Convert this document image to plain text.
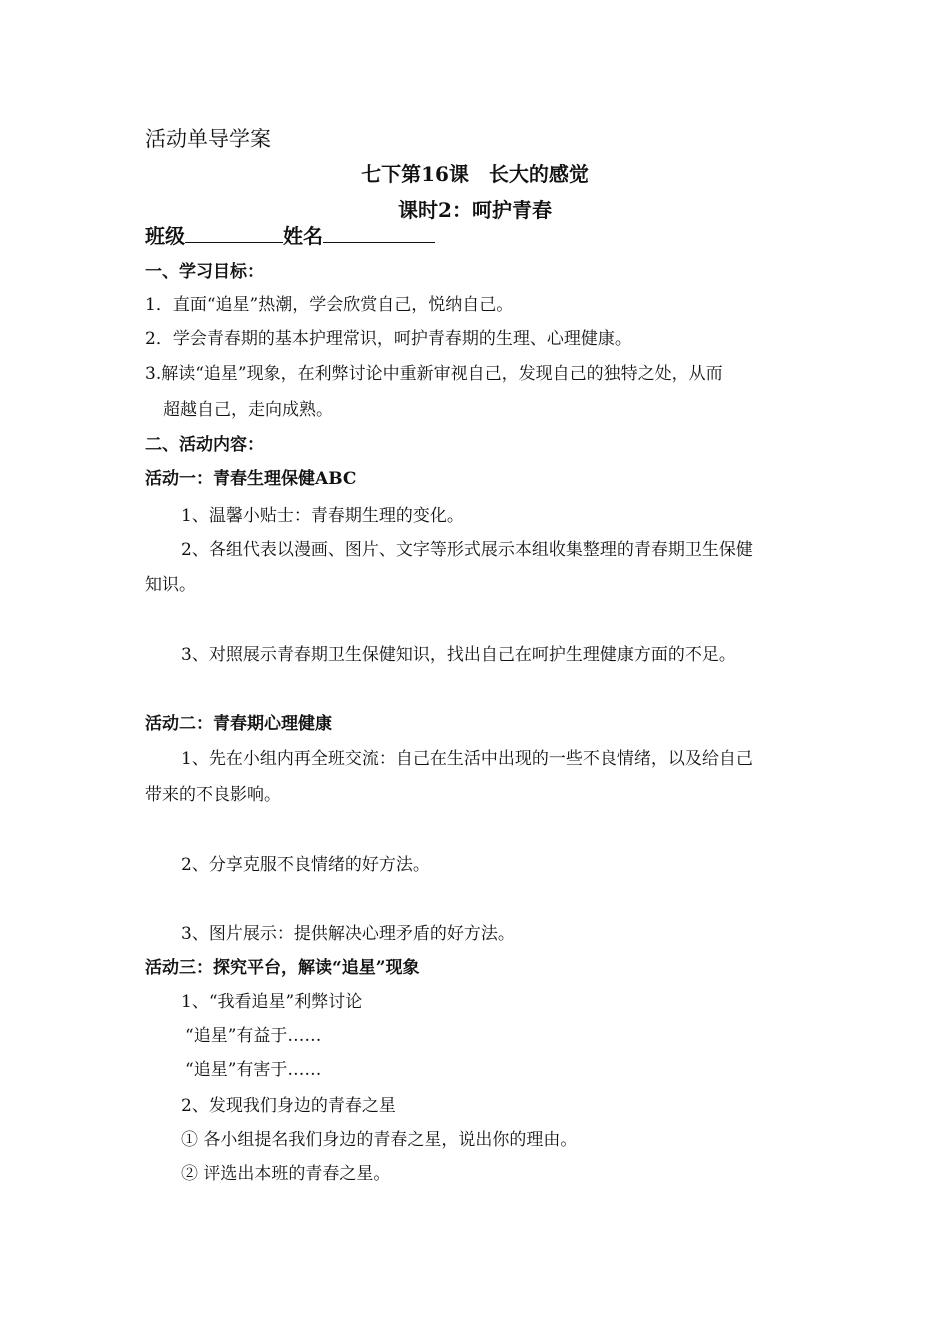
活动单导学案
七下第16课　长大的感觉
课时2：呵护青春
班级	姓名
一、学习目标：
1．直面“追星”热潮，学会欣赏自己，悦纳自己。
2．学会青春期的基本护理常识，呵护青春期的生理、心理健康。
3.解读“追星”现象，在利弊讨论中重新审视自己，发现自己的独特之处，从而
超越自己，走向成熟。
二、活动内容：
活动一：青春生理保健ABC
1、温馨小贴士：青春期生理的变化。
2、各组代表以漫画、图片、文字等形式展示本组收集整理的青春期卫生保健
知识。
3、对照展示青春期卫生保健知识，找出自己在呵护生理健康方面的不足。
活动二：青春期心理健康
1、先在小组内再全班交流：自己在生活中出现的一些不良情绪，以及给自己
带来的不良影响。
2、分享克服不良情绪的好方法。
3、图片展示：提供解决心理矛盾的好方法。
活动三：探究平台，解读“追星”现象
1、“我看追星”利弊讨论
“追星”有益于……
“追星”有害于……
2、发现我们身边的青春之星
① 各小组提名我们身边的青春之星，说出你的理由。
② 评选出本班的青春之星。
